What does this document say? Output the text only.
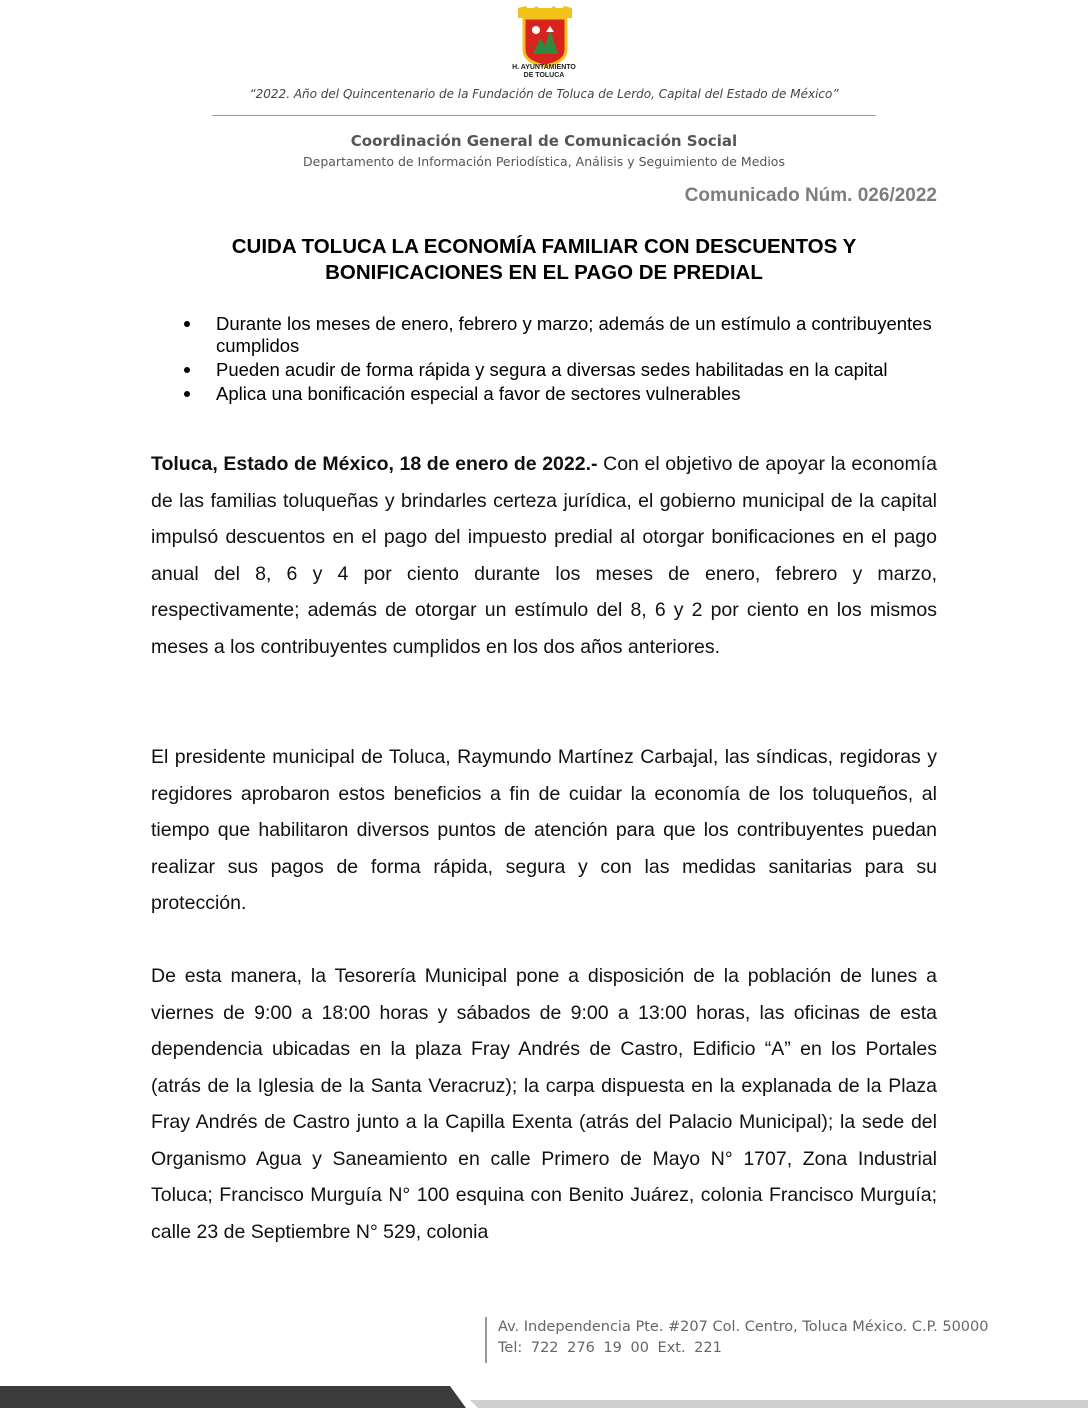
H. AYUNTAMIENTO
DE TOLUCA
“2022. Año del Quincentenario de la Fundación de Toluca de Lerdo, Capital del Estado de México”
Coordinación General de Comunicación Social
Departamento de Información Periodística, Análisis y Seguimiento de Medios
Comunicado Núm. 026/2022
CUIDA TOLUCA LA ECONOMÍA FAMILIAR CON DESCUENTOS Y
BONIFICACIONES EN EL PAGO DE PREDIAL
Durante los meses de enero, febrero y marzo; además de un estímulo a contribuyentes cumplidos
Pueden acudir de forma rápida y segura a diversas sedes habilitadas en la capital
Aplica una bonificación especial a favor de sectores vulnerables

Toluca, Estado de México, 18 de enero de 2022.- Con el objetivo de apoyar la economía de las familias toluqueñas y brindarles certeza jurídica, el gobierno municipal de la capital impulsó descuentos en el pago del impuesto predial al otorgar bonificaciones en el pago anual del 8, 6 y 4 por ciento durante los meses de enero, febrero y marzo, respectivamente; además de otorgar un estímulo del 8, 6 y 2 por ciento en los mismos meses a los contribuyentes cumplidos en los dos años anteriores.

El presidente municipal de Toluca, Raymundo Martínez Carbajal, las síndicas, regidoras y regidores aprobaron estos beneficios a fin de cuidar la economía de los toluqueños, al tiempo que habilitaron diversos puntos de atención para que los contribuyentes puedan realizar sus pagos de forma rápida, segura y con las medidas sanitarias para su protección.

De esta manera, la Tesorería Municipal pone a disposición de la población de lunes a viernes de 9:00 a 18:00 horas y sábados de 9:00 a 13:00 horas, las oficinas de esta dependencia ubicadas en la plaza Fray Andrés de Castro, Edificio “A” en los Portales (atrás de la Iglesia de la Santa Veracruz); la carpa dispuesta en la explanada de la Plaza Fray Andrés de Castro junto a la Capilla Exenta (atrás del Palacio Municipal); la sede del Organismo Agua y Saneamiento en calle Primero de Mayo N° 1707, Zona Industrial Toluca; Francisco Murguía N° 100 esquina con Benito Juárez, colonia Francisco Murguía; calle 23 de Septiembre N° 529, colonia

Av. Independencia Pte. #207 Col. Centro, Toluca México. C.P. 50000
Tel: 722 276 19 00 Ext. 221
